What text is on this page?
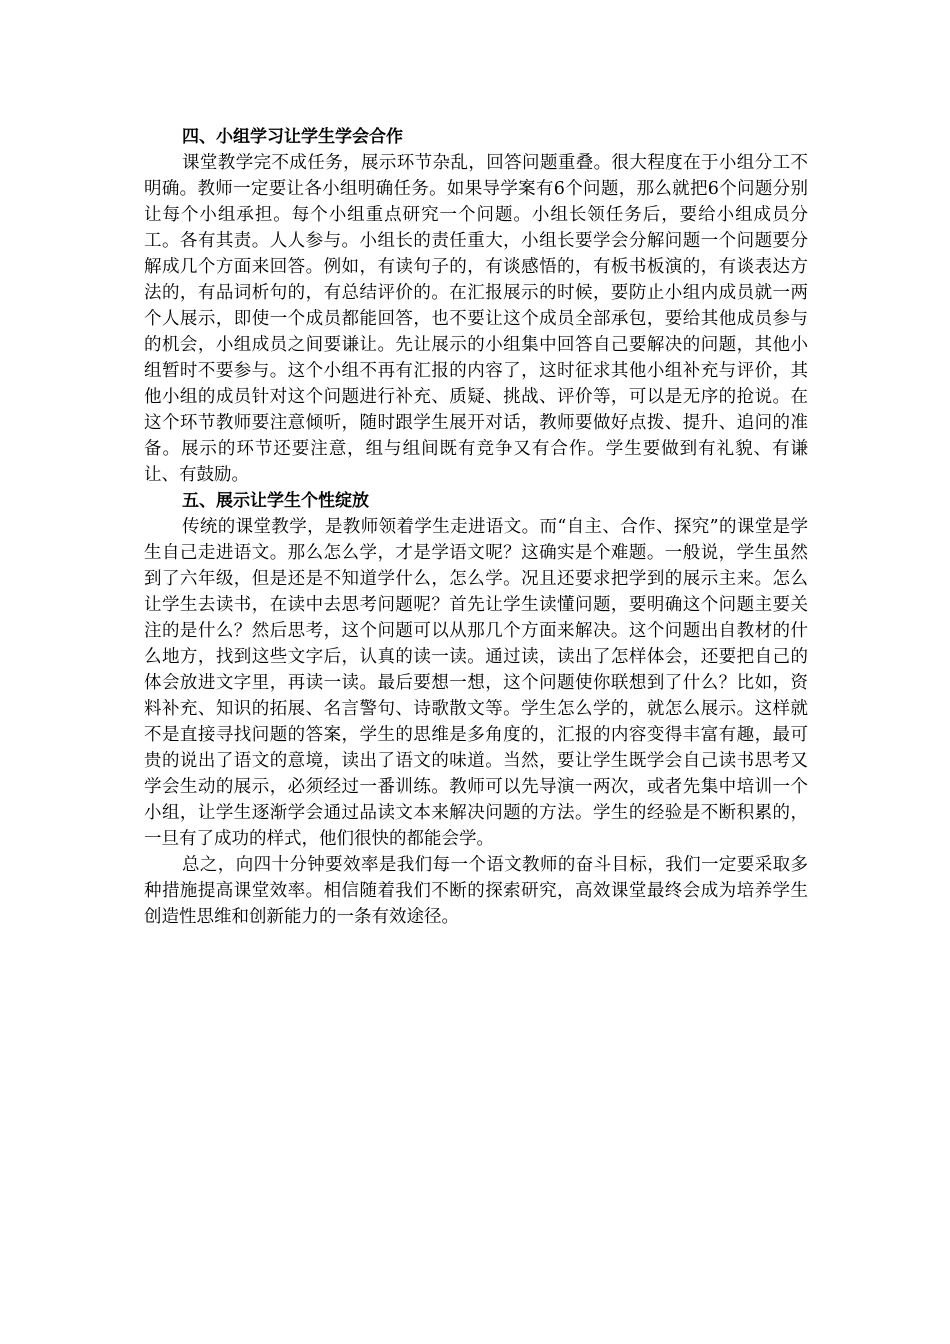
四、小组学习让学生学会合作

课堂教学完不成任务，展示环节杂乱，回答问题重叠。很大程度在于小组分工不明确。教师一定要让各小组明确任务。如果导学案有6个问题，那么就把6个问题分别让每个小组承担。每个小组重点研究一个问题。小组长领任务后，要给小组成员分工。各有其责。人人参与。小组长的责任重大，小组长要学会分解问题一个问题要分解成几个方面来回答。例如，有读句子的，有谈感悟的，有板书板演的，有谈表达方法的，有品词析句的，有总结评价的。在汇报展示的时候，要防止小组内成员就一两个人展示，即使一个成员都能回答，也不要让这个成员全部承包，要给其他成员参与的机会，小组成员之间要谦让。先让展示的小组集中回答自己要解决的问题，其他小组暂时不要参与。这个小组不再有汇报的内容了，这时征求其他小组补充与评价，其他小组的成员针对这个问题进行补充、质疑、挑战、评价等，可以是无序的抢说。在这个环节教师要注意倾听，随时跟学生展开对话，教师要做好点拨、提升、追问的准备。展示的环节还要注意，组与组间既有竞争又有合作。学生要做到有礼貌、有谦让、有鼓励。

五、展示让学生个性绽放

传统的课堂教学，是教师领着学生走进语文。而“自主、合作、探究”的课堂是学生自己走进语文。那么怎么学，才是学语文呢？这确实是个难题。一般说，学生虽然到了六年级，但是还是不知道学什么，怎么学。况且还要求把学到的展示主来。怎么让学生去读书，在读中去思考问题呢？首先让学生读懂问题，要明确这个问题主要关注的是什么？然后思考，这个问题可以从那几个方面来解决。这个问题出自教材的什么地方，找到这些文字后，认真的读一读。通过读，读出了怎样体会，还要把自己的体会放进文字里，再读一读。最后要想一想，这个问题使你联想到了什么？比如，资料补充、知识的拓展、名言警句、诗歌散文等。学生怎么学的，就怎么展示。这样就不是直接寻找问题的答案，学生的思维是多角度的，汇报的内容变得丰富有趣，最可贵的说出了语文的意境，读出了语文的味道。当然，要让学生既学会自己读书思考又学会生动的展示，必须经过一番训练。教师可以先导演一两次，或者先集中培训一个小组，让学生逐渐学会通过品读文本来解决问题的方法。学生的经验是不断积累的，一旦有了成功的样式，他们很快的都能会学。

总之，向四十分钟要效率是我们每一个语文教师的奋斗目标，我们一定要采取多种措施提高课堂效率。相信随着我们不断的探索研究，高效课堂最终会成为培养学生创造性思维和创新能力的一条有效途径。
